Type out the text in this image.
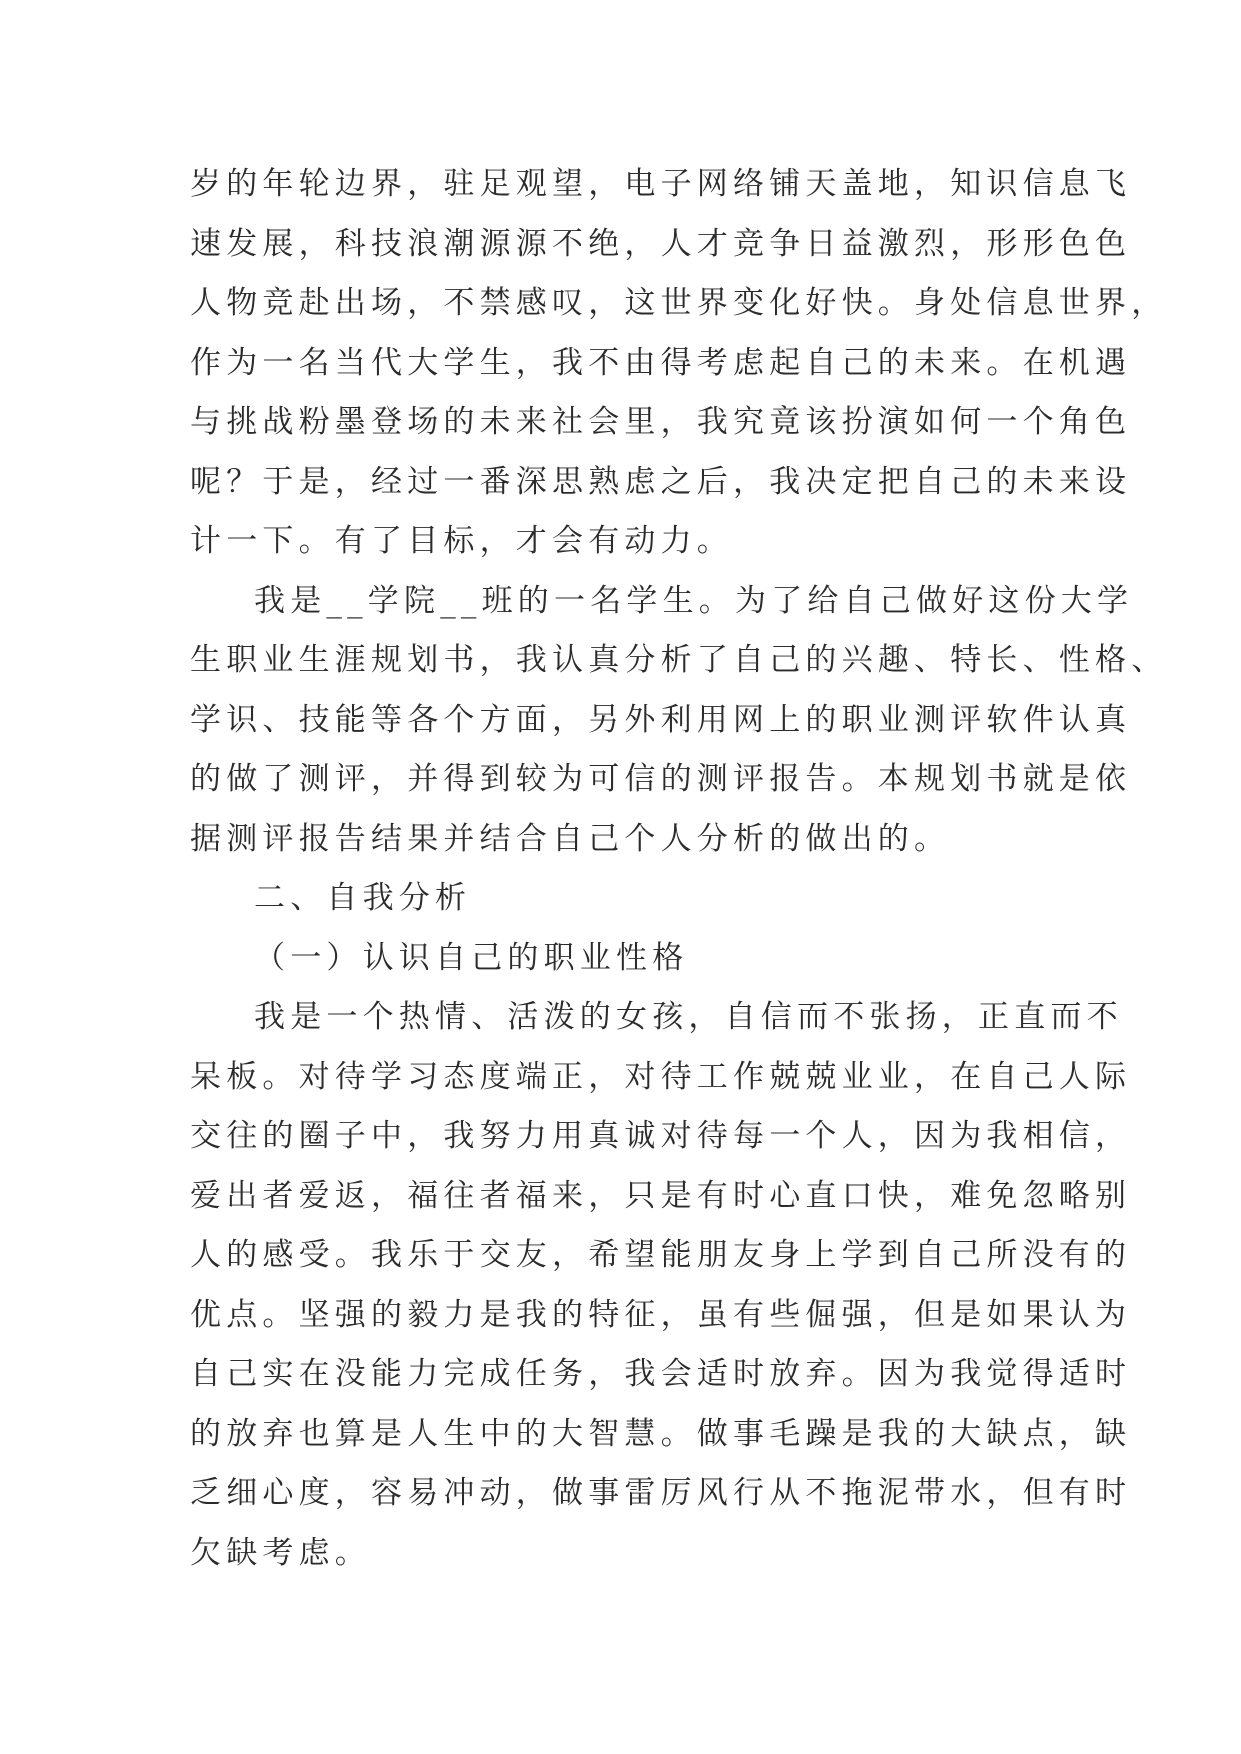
岁的年轮边界，驻足观望，电子网络铺天盖地，知识信息飞
速发展，科技浪潮源源不绝，人才竞争日益激烈，形形色色
人物竞赴出场，不禁感叹，这世界变化好快。身处信息世界，
作为一名当代大学生，我不由得考虑起自己的未来。在机遇
与挑战粉墨登场的未来社会里，我究竟该扮演如何一个角色
呢？于是，经过一番深思熟虑之后，我决定把自己的未来设
计一下。有了目标，才会有动力。
我是__学院__班的一名学生。为了给自己做好这份大学
生职业生涯规划书，我认真分析了自己的兴趣、特长、性格、
学识、技能等各个方面，另外利用网上的职业测评软件认真
的做了测评，并得到较为可信的测评报告。本规划书就是依
据测评报告结果并结合自己个人分析的做出的。
二、自我分析
（一）认识自己的职业性格
我是一个热情、活泼的女孩，自信而不张扬，正直而不
呆板。对待学习态度端正，对待工作兢兢业业，在自己人际
交往的圈子中，我努力用真诚对待每一个人，因为我相信，
爱出者爱返，福往者福来，只是有时心直口快，难免忽略别
人的感受。我乐于交友，希望能朋友身上学到自己所没有的
优点。坚强的毅力是我的特征，虽有些倔强，但是如果认为
自己实在没能力完成任务，我会适时放弃。因为我觉得适时
的放弃也算是人生中的大智慧。做事毛躁是我的大缺点，缺
乏细心度，容易冲动，做事雷厉风行从不拖泥带水，但有时
欠缺考虑。
